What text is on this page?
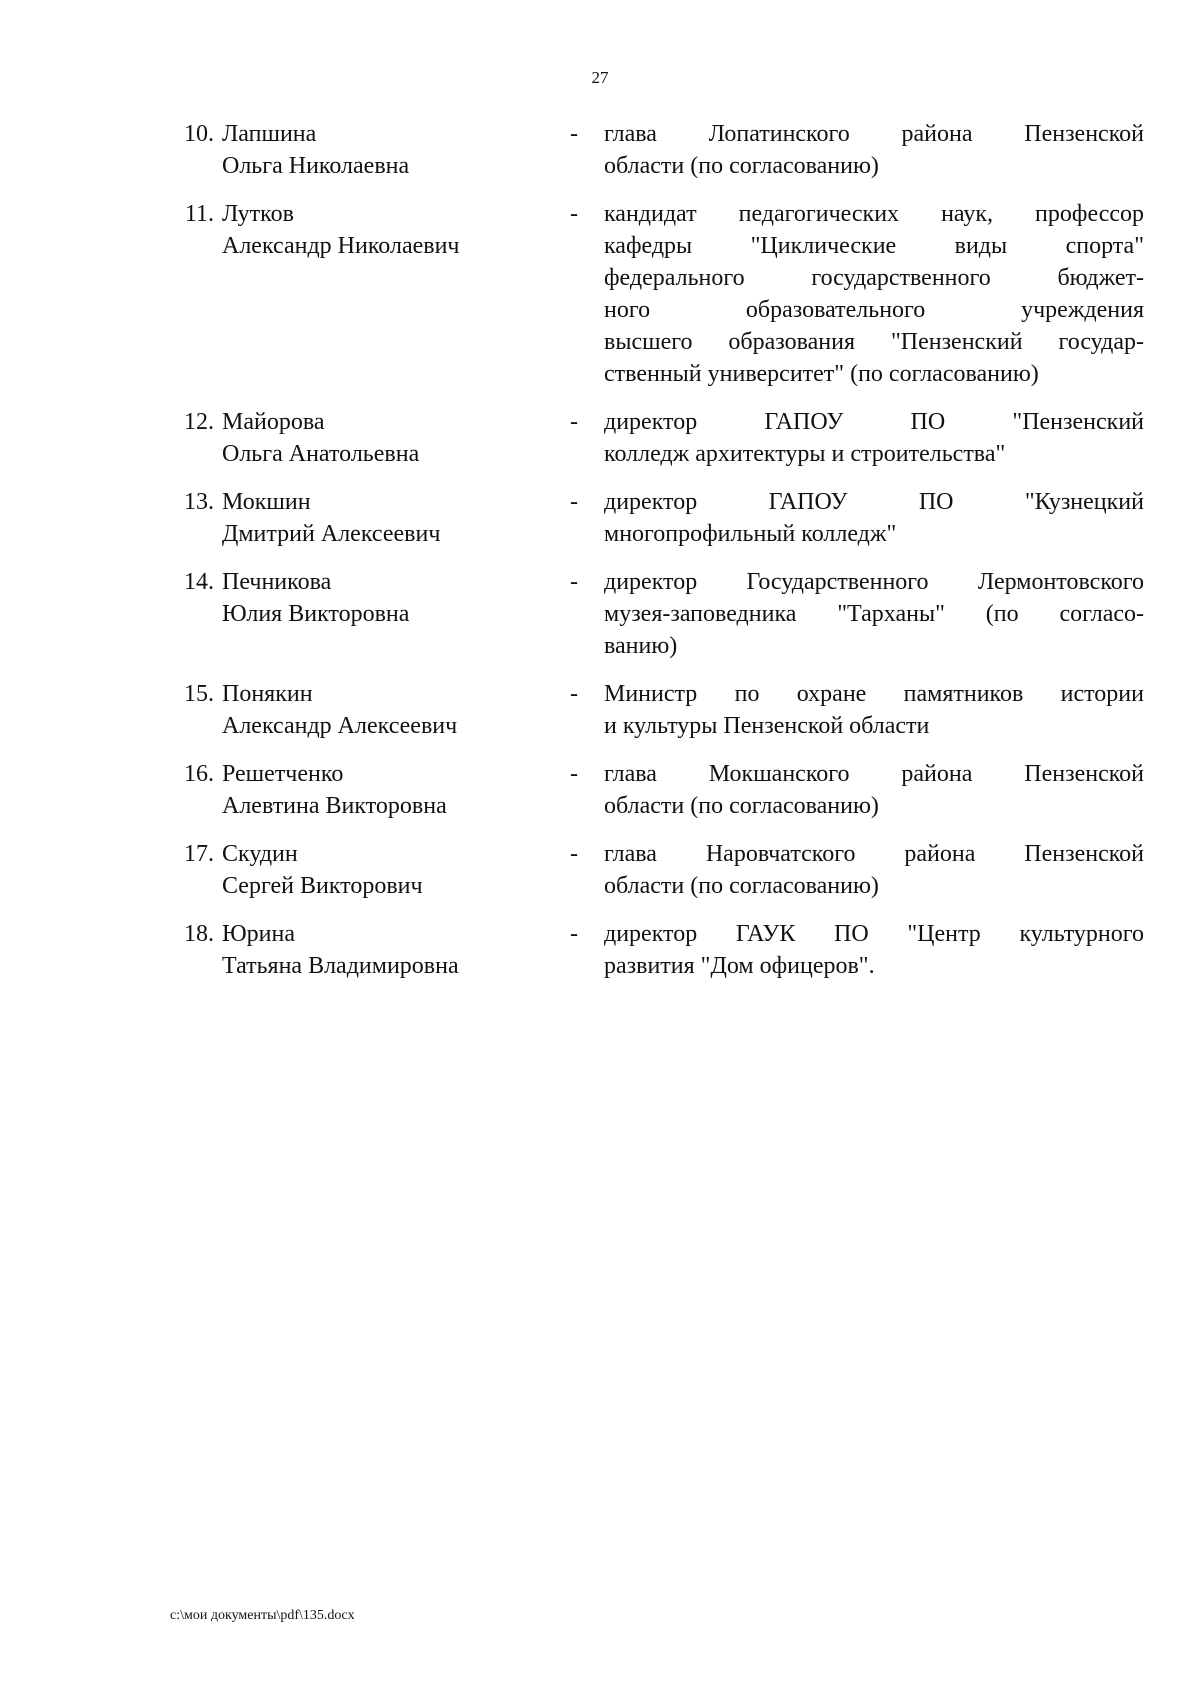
27
10. Лапшина
Ольга Николаевна
-	глава Лопатинского района Пензенской
области (по согласованию)
11. Лутков
Александр Николаевич
-	кандидат педагогических наук, профессор
кафедры "Циклические виды спорта"
федерального государственного бюджет-
ного образовательного учреждения
высшего образования "Пензенский государ-
ственный университет" (по согласованию)
12. Майорова
Ольга Анатольевна
-	директор ГАПОУ ПО "Пензенский
колледж архитектуры и строительства"
13. Мокшин
Дмитрий Алексеевич
-	директор ГАПОУ ПО "Кузнецкий
многопрофильный колледж"
14. Печникова
Юлия Викторовна
-	директор Государственного Лермонтовского
музея-заповедника "Тарханы" (по согласо-
ванию)
15. Понякин
Александр Алексеевич
-	Министр по охране памятников истории
и культуры Пензенской области
16. Решетченко
Алевтина Викторовна
-	глава Мокшанского района Пензенской
области (по согласованию)
17. Скудин
Сергей Викторович
-	глава Наровчатского района Пензенской
области (по согласованию)
18. Юрина
Татьяна Владимировна
-	директор ГАУК ПО "Центр культурного
развития "Дом офицеров".
c:\мои документы\pdf\135.docx
